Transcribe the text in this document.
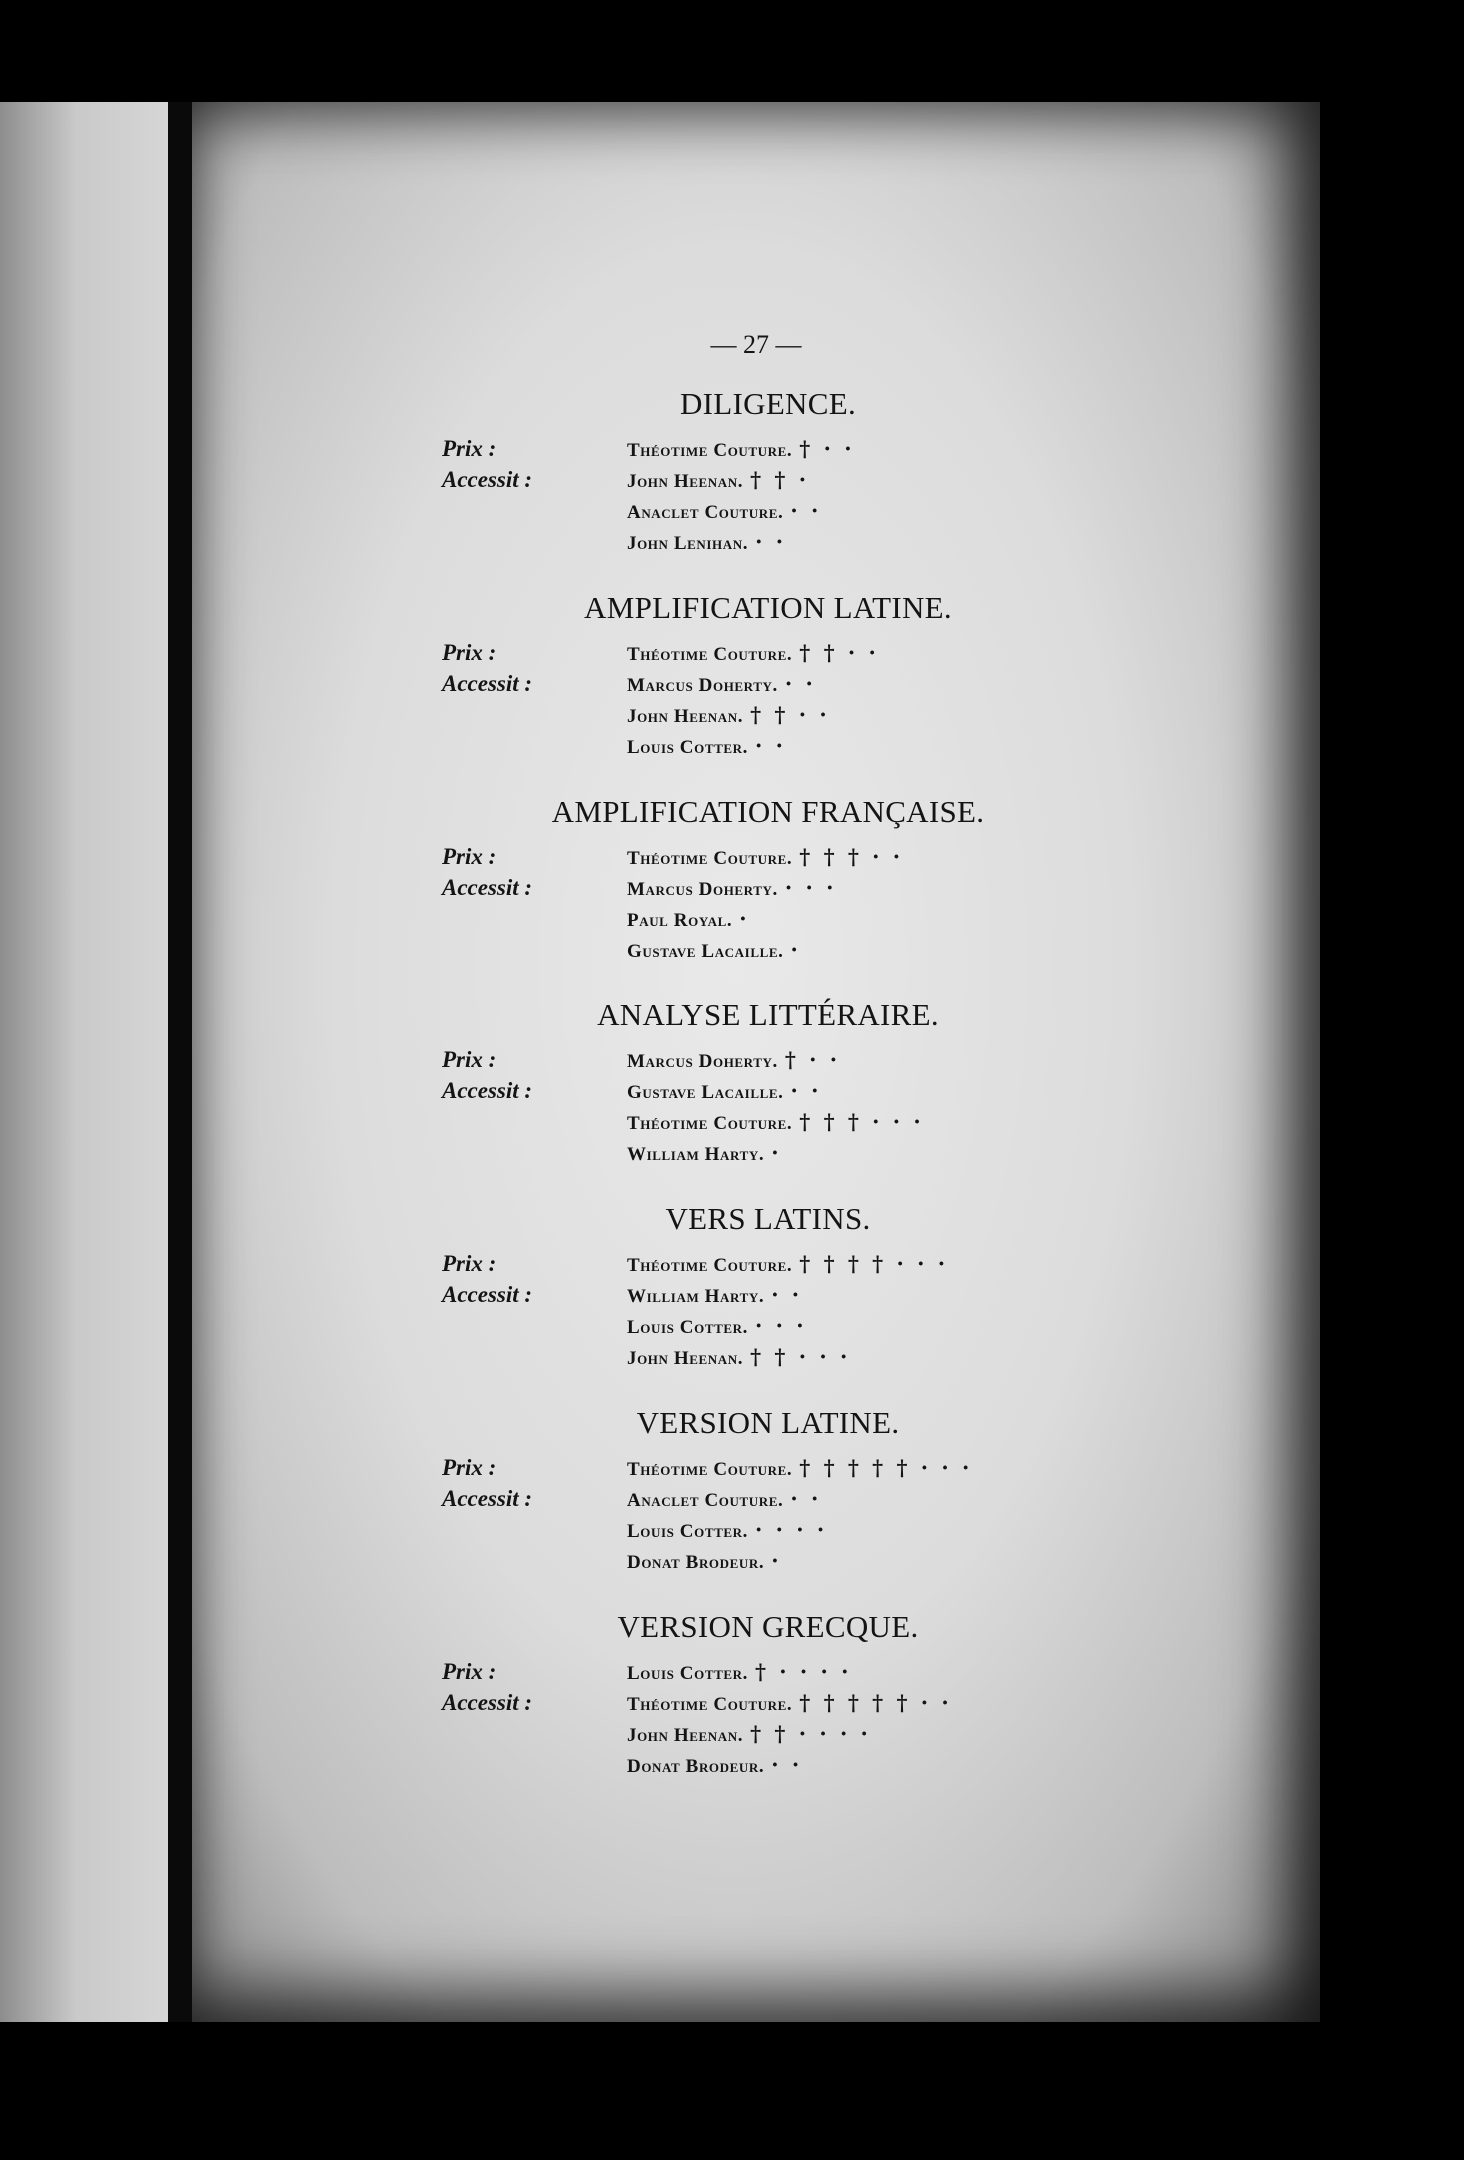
— 27 —
DILIGENCE.
Prix :	Théotime Couture. † · ·
Accessit :	John Heenan. † † ·
Anaclet Couture. · ·
John Lenihan. · ·
AMPLIFICATION LATINE.
Prix :	Théotime Couture. † † · ·
Accessit :	Marcus Doherty. · ·
John Heenan. † † · ·
Louis Cotter. · ·
AMPLIFICATION FRANÇAISE.
Prix :	Théotime Couture. † † † · ·
Accessit :	Marcus Doherty. · · ·
Paul Royal. ·
Gustave Lacaille. ·
ANALYSE LITTÉRAIRE.
Prix :	Marcus Doherty. † · ·
Accessit :	Gustave Lacaille. · ·
Théotime Couture. † † † · · ·
William Harty. ·
VERS LATINS.
Prix :	Théotime Couture. † † † † · · ·
Accessit :	William Harty. · ·
Louis Cotter. · · ·
John Heenan. † † · · ·
VERSION LATINE.
Prix :	Théotime Couture. † † † † † · · ·
Accessit :	Anaclet Couture. · ·
Louis Cotter. · · · ·
Donat Brodeur. ·
VERSION GRECQUE.
Prix :	Louis Cotter. † · · · ·
Accessit :	Théotime Couture. † † † † † · ·
John Heenan. † † · · · ·
Donat Brodeur. · ·
